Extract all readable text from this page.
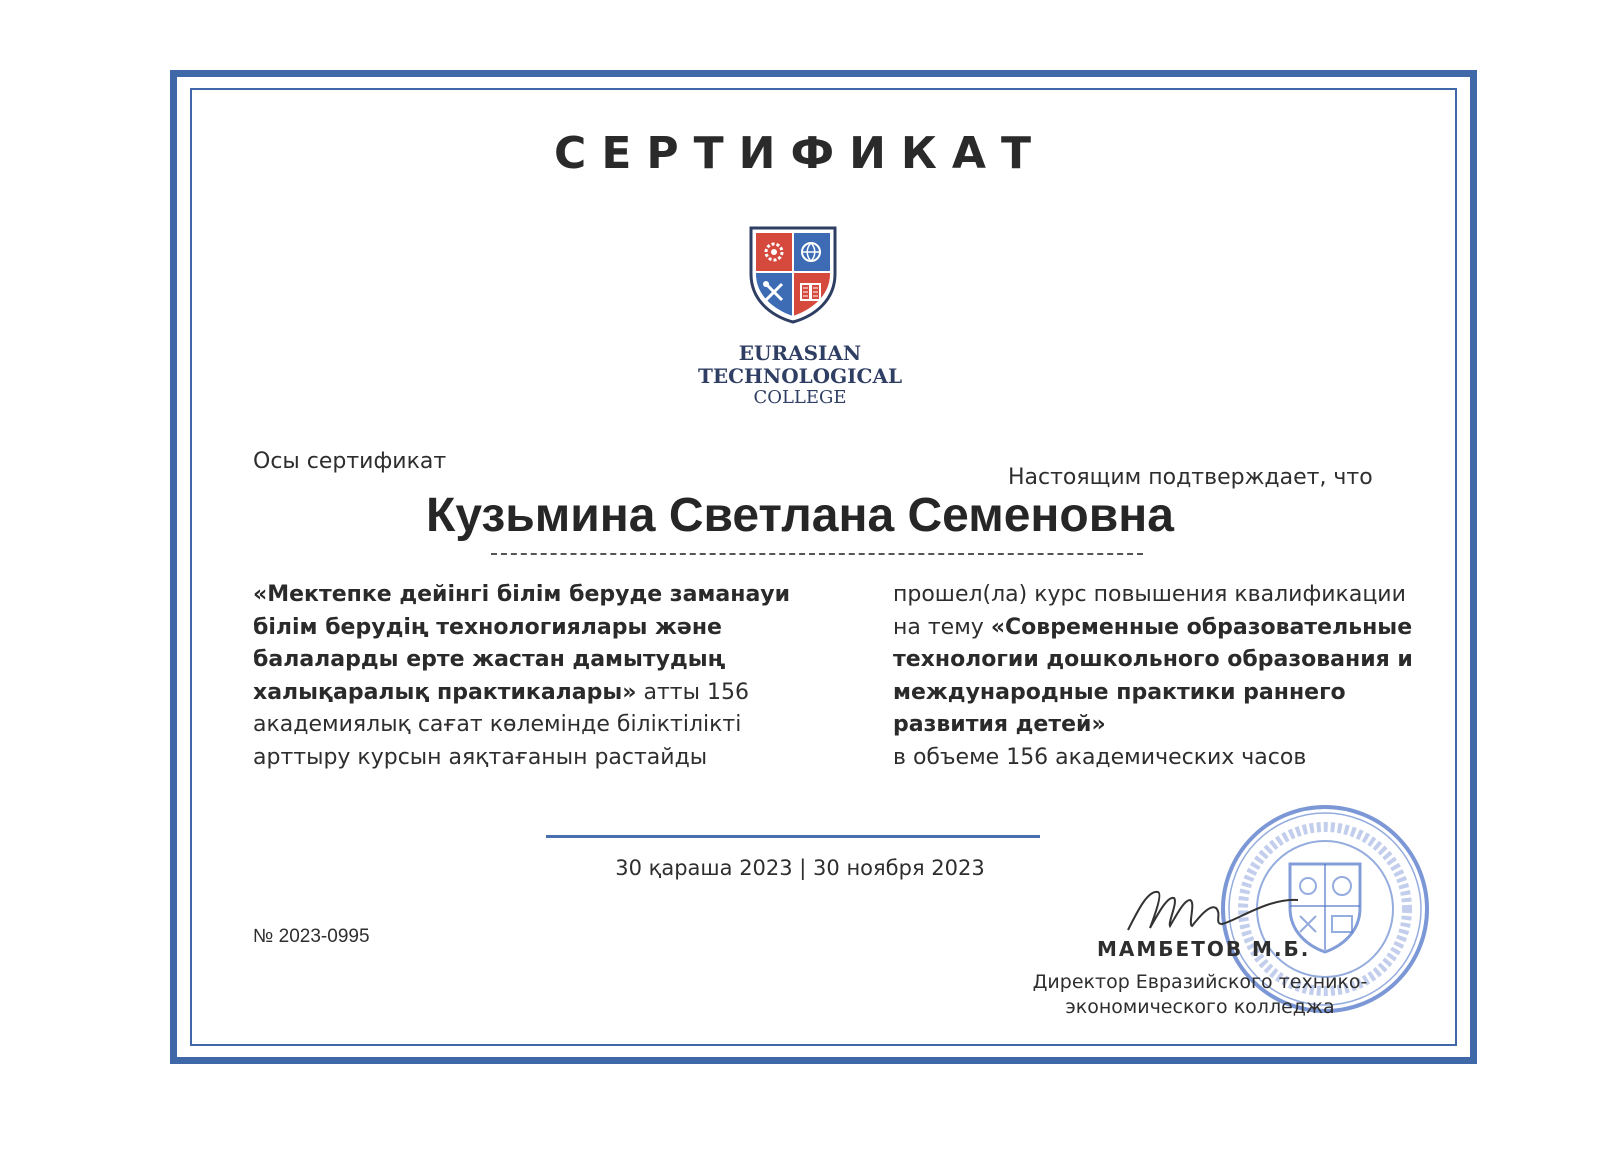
СЕРТИФИКАТ
EURASIAN
TECHNOLOGICAL
COLLEGE
Осы сертификат
Настоящим подтверждает, что
Кузьмина Светлана Семеновна
«Мектепке дейінгі білім беруде заманауи білім берудің технологиялары және балаларды ерте жастан дамытудың халықаралық практикалары» атты 156 академиялық сағат көлемінде біліктілікті арттыру курсын аяқтағанын растайды
прошел(ла) курс повышения квалификации на тему «Современные образовательные технологии дошкольного образования и международные практики раннего развития детей»
в объеме 156 академических часов
30 қараша 2023 | 30 ноября 2023
№ 2023-0995
МАМБЕТОВ М.Б.
Директор Евразийского технико-экономического колледжа
